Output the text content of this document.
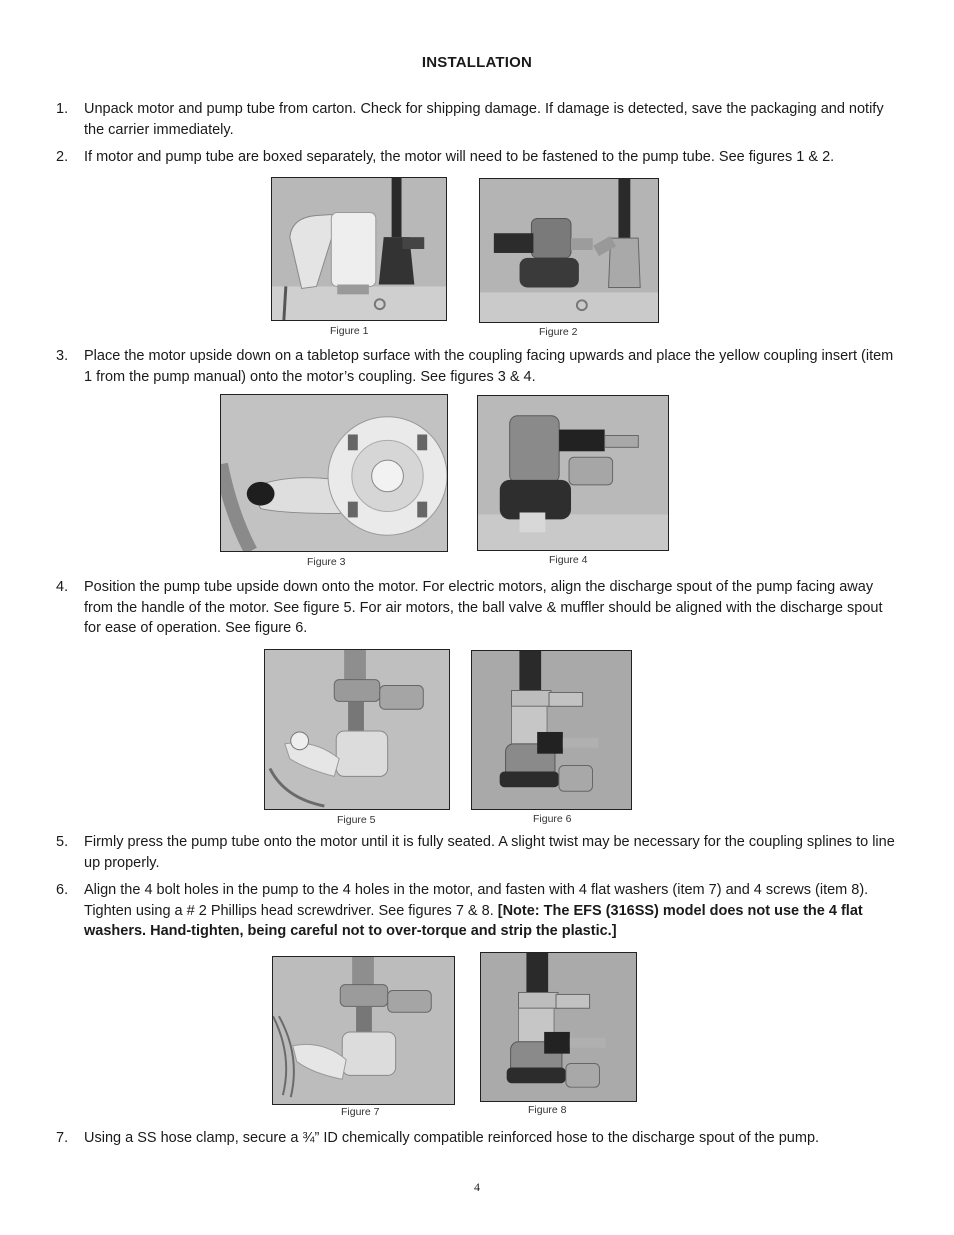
INSTALLATION
1. Unpack motor and pump tube from carton. Check for shipping damage. If damage is detected, save the packaging and notify the carrier immediately.
2. If motor and pump tube are boxed separately, the motor will need to be fastened to the pump tube. See figures 1 & 2.
Figure 1	Figure 2
3. Place the motor upside down on a tabletop surface with the coupling facing upwards and place the yellow coupling insert (item 1 from the pump manual) onto the motor’s coupling. See figures 3 & 4.
Figure 3	Figure 4
4. Position the pump tube upside down onto the motor. For electric motors, align the discharge spout of the pump facing away from the handle of the motor. See figure 5. For air motors, the ball valve & muffler should be aligned with the discharge spout for ease of operation. See figure 6.
Figure 5	Figure 6
5. Firmly press the pump tube onto the motor until it is fully seated. A slight twist may be necessary for the coupling splines to line up properly.
6. Align the 4 bolt holes in the pump to the 4 holes in the motor, and fasten with 4 flat washers (item 7) and 4 screws (item 8). Tighten using a # 2 Phillips head screwdriver. See figures 7 & 8. [Note: The EFS (316SS) model does not use the 4 flat washers. Hand-tighten, being careful not to over-torque and strip the plastic.]
Figure 7	Figure 8
7. Using a SS hose clamp, secure a ¾” ID chemically compatible reinforced hose to the discharge spout of the pump.
4
